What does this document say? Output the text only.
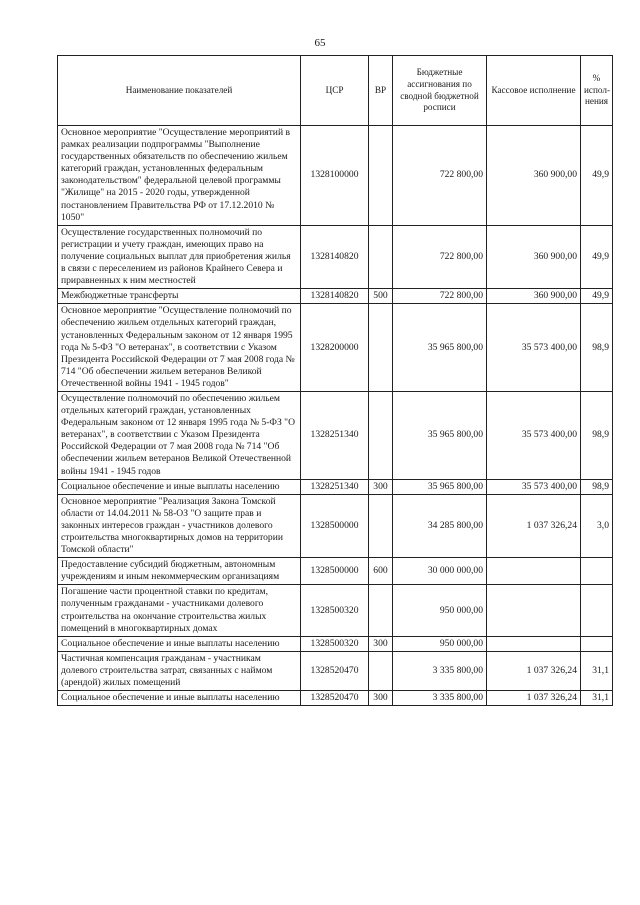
65
Наименование показателей	ЦСР	ВР	Бюджетные ассигнования по сводной бюджетной росписи	Кассовое исполнение	% испол-нения
Основное мероприятие "Осуществление мероприятий в рамках реализации подпрограммы "Выполнение государственных обязательств по обеспечению жильем категорий граждан, установленных федеральным законодательством" федеральной целевой программы "Жилище" на 2015 - 2020 годы, утвержденной постановлением Правительства РФ от 17.12.2010 № 1050"	1328100000		722 800,00	360 900,00	49,9
Осуществление государственных полномочий по регистрации и учету граждан, имеющих право на получение социальных выплат для приобретения жилья в связи с переселением из районов Крайнего Севера и приравненных к ним местностей	1328140820		722 800,00	360 900,00	49,9
Межбюджетные трансферты	1328140820	500	722 800,00	360 900,00	49,9
Основное мероприятие "Осуществление полномочий по обеспечению жильем отдельных категорий граждан, установленных Федеральным законом от 12 января 1995 года № 5-ФЗ "О ветеранах", в соответствии с Указом Президента Российской Федерации от 7 мая 2008 года № 714 "Об обеспечении жильем ветеранов Великой Отечественной войны 1941 - 1945 годов"	1328200000		35 965 800,00	35 573 400,00	98,9
Осуществление полномочий по обеспечению жильем отдельных категорий граждан, установленных Федеральным законом от 12 января 1995 года № 5-ФЗ "О ветеранах", в соответствии с Указом Президента Российской Федерации от 7 мая 2008 года № 714 "Об обеспечении жильем ветеранов Великой Отечественной войны 1941 - 1945 годов	1328251340		35 965 800,00	35 573 400,00	98,9
Социальное обеспечение и иные выплаты населению	1328251340	300	35 965 800,00	35 573 400,00	98,9
Основное мероприятие "Реализация Закона Томской области от 14.04.2011 № 58-ОЗ "О защите прав и законных интересов граждан - участников долевого строительства многоквартирных домов на территории Томской области"	1328500000		34 285 800,00	1 037 326,24	3,0
Предоставление субсидий бюджетным, автономным учреждениям и иным некоммерческим организациям	1328500000	600	30 000 000,00		
Погашение части процентной ставки по кредитам, полученным гражданами - участниками долевого строительства на окончание строительства жилых помещений в многоквартирных домах	1328500320		950 000,00		
Социальное обеспечение и иные выплаты населению	1328500320	300	950 000,00		
Частичная компенсация гражданам - участникам долевого строительства затрат, связанных с наймом (арендой) жилых помещений	1328520470		3 335 800,00	1 037 326,24	31,1
Социальное обеспечение и иные выплаты населению	1328520470	300	3 335 800,00	1 037 326,24	31,1
